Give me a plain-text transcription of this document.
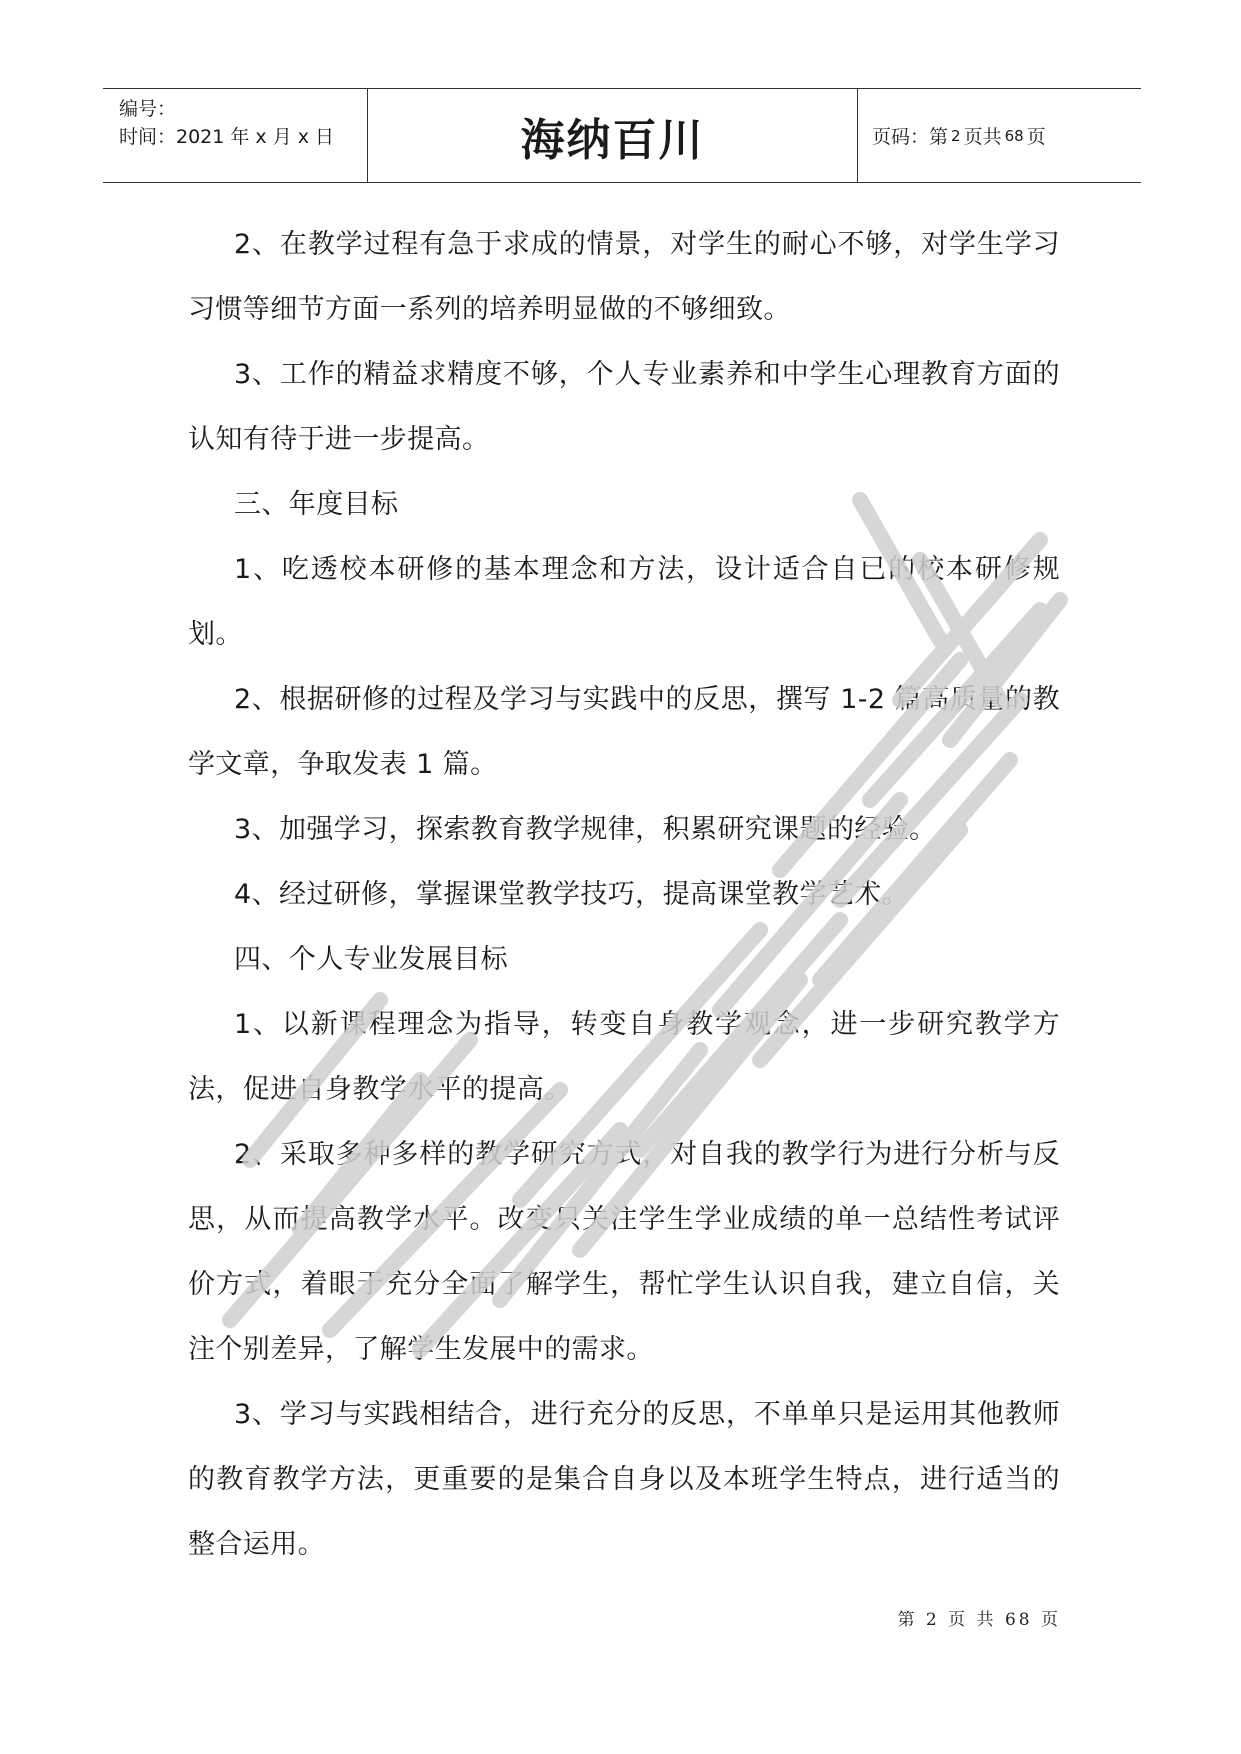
编号：
时间：2021 年 x 月 x 日	海纳百川	页码：第 2 页共 68 页

2、在教学过程有急于求成的情景，对学生的耐心不够，对学生学习习惯等细节方面一系列的培养明显做的不够细致。

3、工作的精益求精度不够，个人专业素养和中学生心理教育方面的认知有待于进一步提高。

三、年度目标

1、吃透校本研修的基本理念和方法，设计适合自已的校本研修规划。

2、根据研修的过程及学习与实践中的反思，撰写 1-2 篇高质量的教学文章，争取发表 1 篇。

3、加强学习，探索教育教学规律，积累研究课题的经验。

4、经过研修，掌握课堂教学技巧，提高课堂教学艺术。

四、个人专业发展目标

1、以新课程理念为指导，转变自身教学观念，进一步研究教学方法，促进自身教学水平的提高。

2、采取多种多样的教学研究方式，对自我的教学行为进行分析与反思，从而提高教学水平。改变只关注学生学业成绩的单一总结性考试评价方式，着眼于充分全面了解学生，帮忙学生认识自我，建立自信，关注个别差异，了解学生发展中的需求。

3、学习与实践相结合，进行充分的反思，不单单只是运用其他教师的教育教学方法，更重要的是集合自身以及本班学生特点，进行适当的整合运用。

第 2 页 共 68 页
